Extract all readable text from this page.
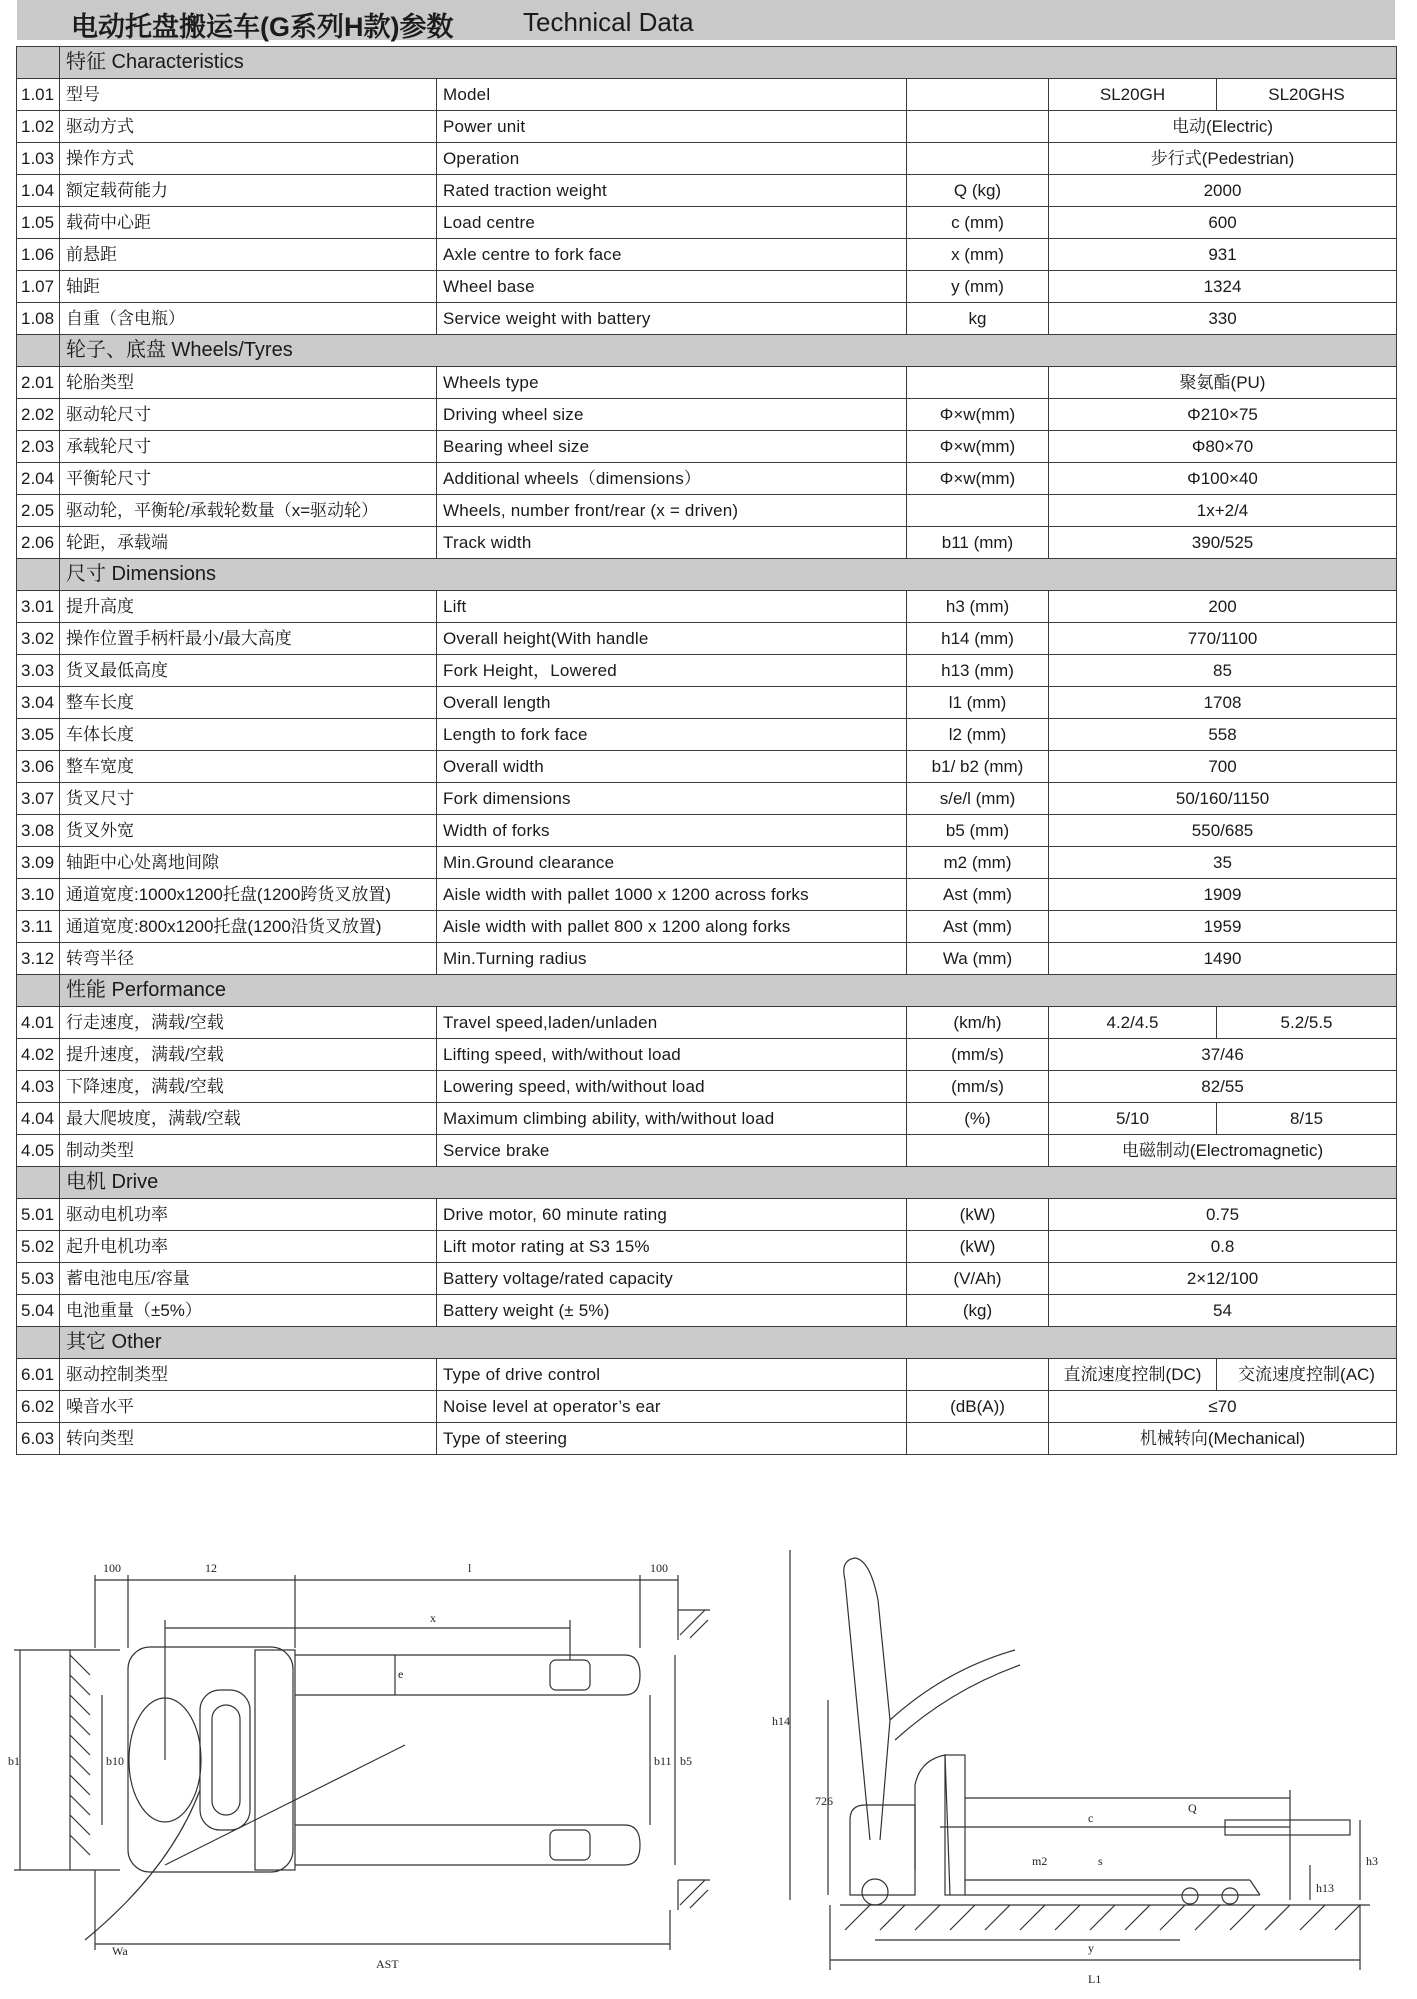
电动托盘搬运车(G系列H款)参数	Technical Data
	特征 Characteristics				
1.01	型号	Model		SL20GH	SL20GHS
1.02	驱动方式	Power unit		电动(Electric)	
1.03	操作方式	Operation		步行式(Pedestrian)	
1.04	额定载荷能力	Rated traction weight	Q (kg)	2000	
1.05	载荷中心距	Load centre	c (mm)	600	
1.06	前悬距	Axle centre to fork face	x (mm)	931	
1.07	轴距	Wheel base	y (mm)	1324	
1.08	自重（含电瓶）	Service weight with battery	kg	330	
	轮子、底盘 Wheels/Tyres				
2.01	轮胎类型	Wheels type		聚氨酯(PU)	
2.02	驱动轮尺寸	Driving wheel size	Φ×w(mm)	Φ210×75	
2.03	承载轮尺寸	Bearing wheel size	Φ×w(mm)	Φ80×70	
2.04	平衡轮尺寸	Additional wheels（dimensions）	Φ×w(mm)	Φ100×40	
2.05	驱动轮，平衡轮/承载轮数量（x=驱动轮）	Wheels, number front/rear (x = driven)		1x+2/4	
2.06	轮距，承载端	Track width	b11 (mm)	390/525	
	尺寸 Dimensions				
3.01	提升高度	Lift	h3 (mm)	200	
3.02	操作位置手柄杆最小/最大高度	Overall height(With handle	h14 (mm)	770/1100	
3.03	货叉最低高度	Fork Height，Lowered	h13 (mm)	85	
3.04	整车长度	Overall length	l1 (mm)	1708	
3.05	车体长度	Length to fork face	l2 (mm)	558	
3.06	整车宽度	Overall width	b1/ b2 (mm)	700	
3.07	货叉尺寸	Fork dimensions	s/e/l (mm)	50/160/1150	
3.08	货叉外宽	Width of forks	b5 (mm)	550/685	
3.09	轴距中心处离地间隙	Min.Ground clearance	m2 (mm)	35	
3.10	通道宽度:1000x1200托盘(1200跨货叉放置)	Aisle width with pallet 1000 x 1200 across forks	Ast (mm)	1909	
3.11	通道宽度:800x1200托盘(1200沿货叉放置)	Aisle width with pallet 800 x 1200 along forks	Ast (mm)	1959	
3.12	转弯半径	Min.Turning radius	Wa (mm)	1490	
	性能 Performance				
4.01	行走速度，满载/空载	Travel speed,laden/unladen	(km/h)	4.2/4.5	5.2/5.5
4.02	提升速度，满载/空载	Lifting speed, with/without load	(mm/s)	37/46	
4.03	下降速度，满载/空载	Lowering speed, with/without load	(mm/s)	82/55	
4.04	最大爬坡度，满载/空载	Maximum climbing ability, with/without load	(%)	5/10	8/15
4.05	制动类型	Service brake		电磁制动(Electromagnetic)	
	电机 Drive				
5.01	驱动电机功率	Drive motor, 60 minute rating	(kW)	0.75	
5.02	起升电机功率	Lift motor rating at S3 15%	(kW)	0.8	
5.03	蓄电池电压/容量	Battery voltage/rated capacity	(V/Ah)	2×12/100	
5.04	电池重量（±5%）	Battery weight (± 5%)	(kg)	54	
	其它 Other				
6.01	驱动控制类型	Type of drive control		直流速度控制(DC)	交流速度控制(AC)
6.02	噪音水平	Noise level at operator’s ear	(dB(A))	≤70	
6.03	转向类型	Type of steering		机械转向(Mechanical)	
100	12	l	100
x
e
b1	b10	b11 b5
Wa
AST
h14
726
c
Q
m2	s	h3
h13
y
L1
